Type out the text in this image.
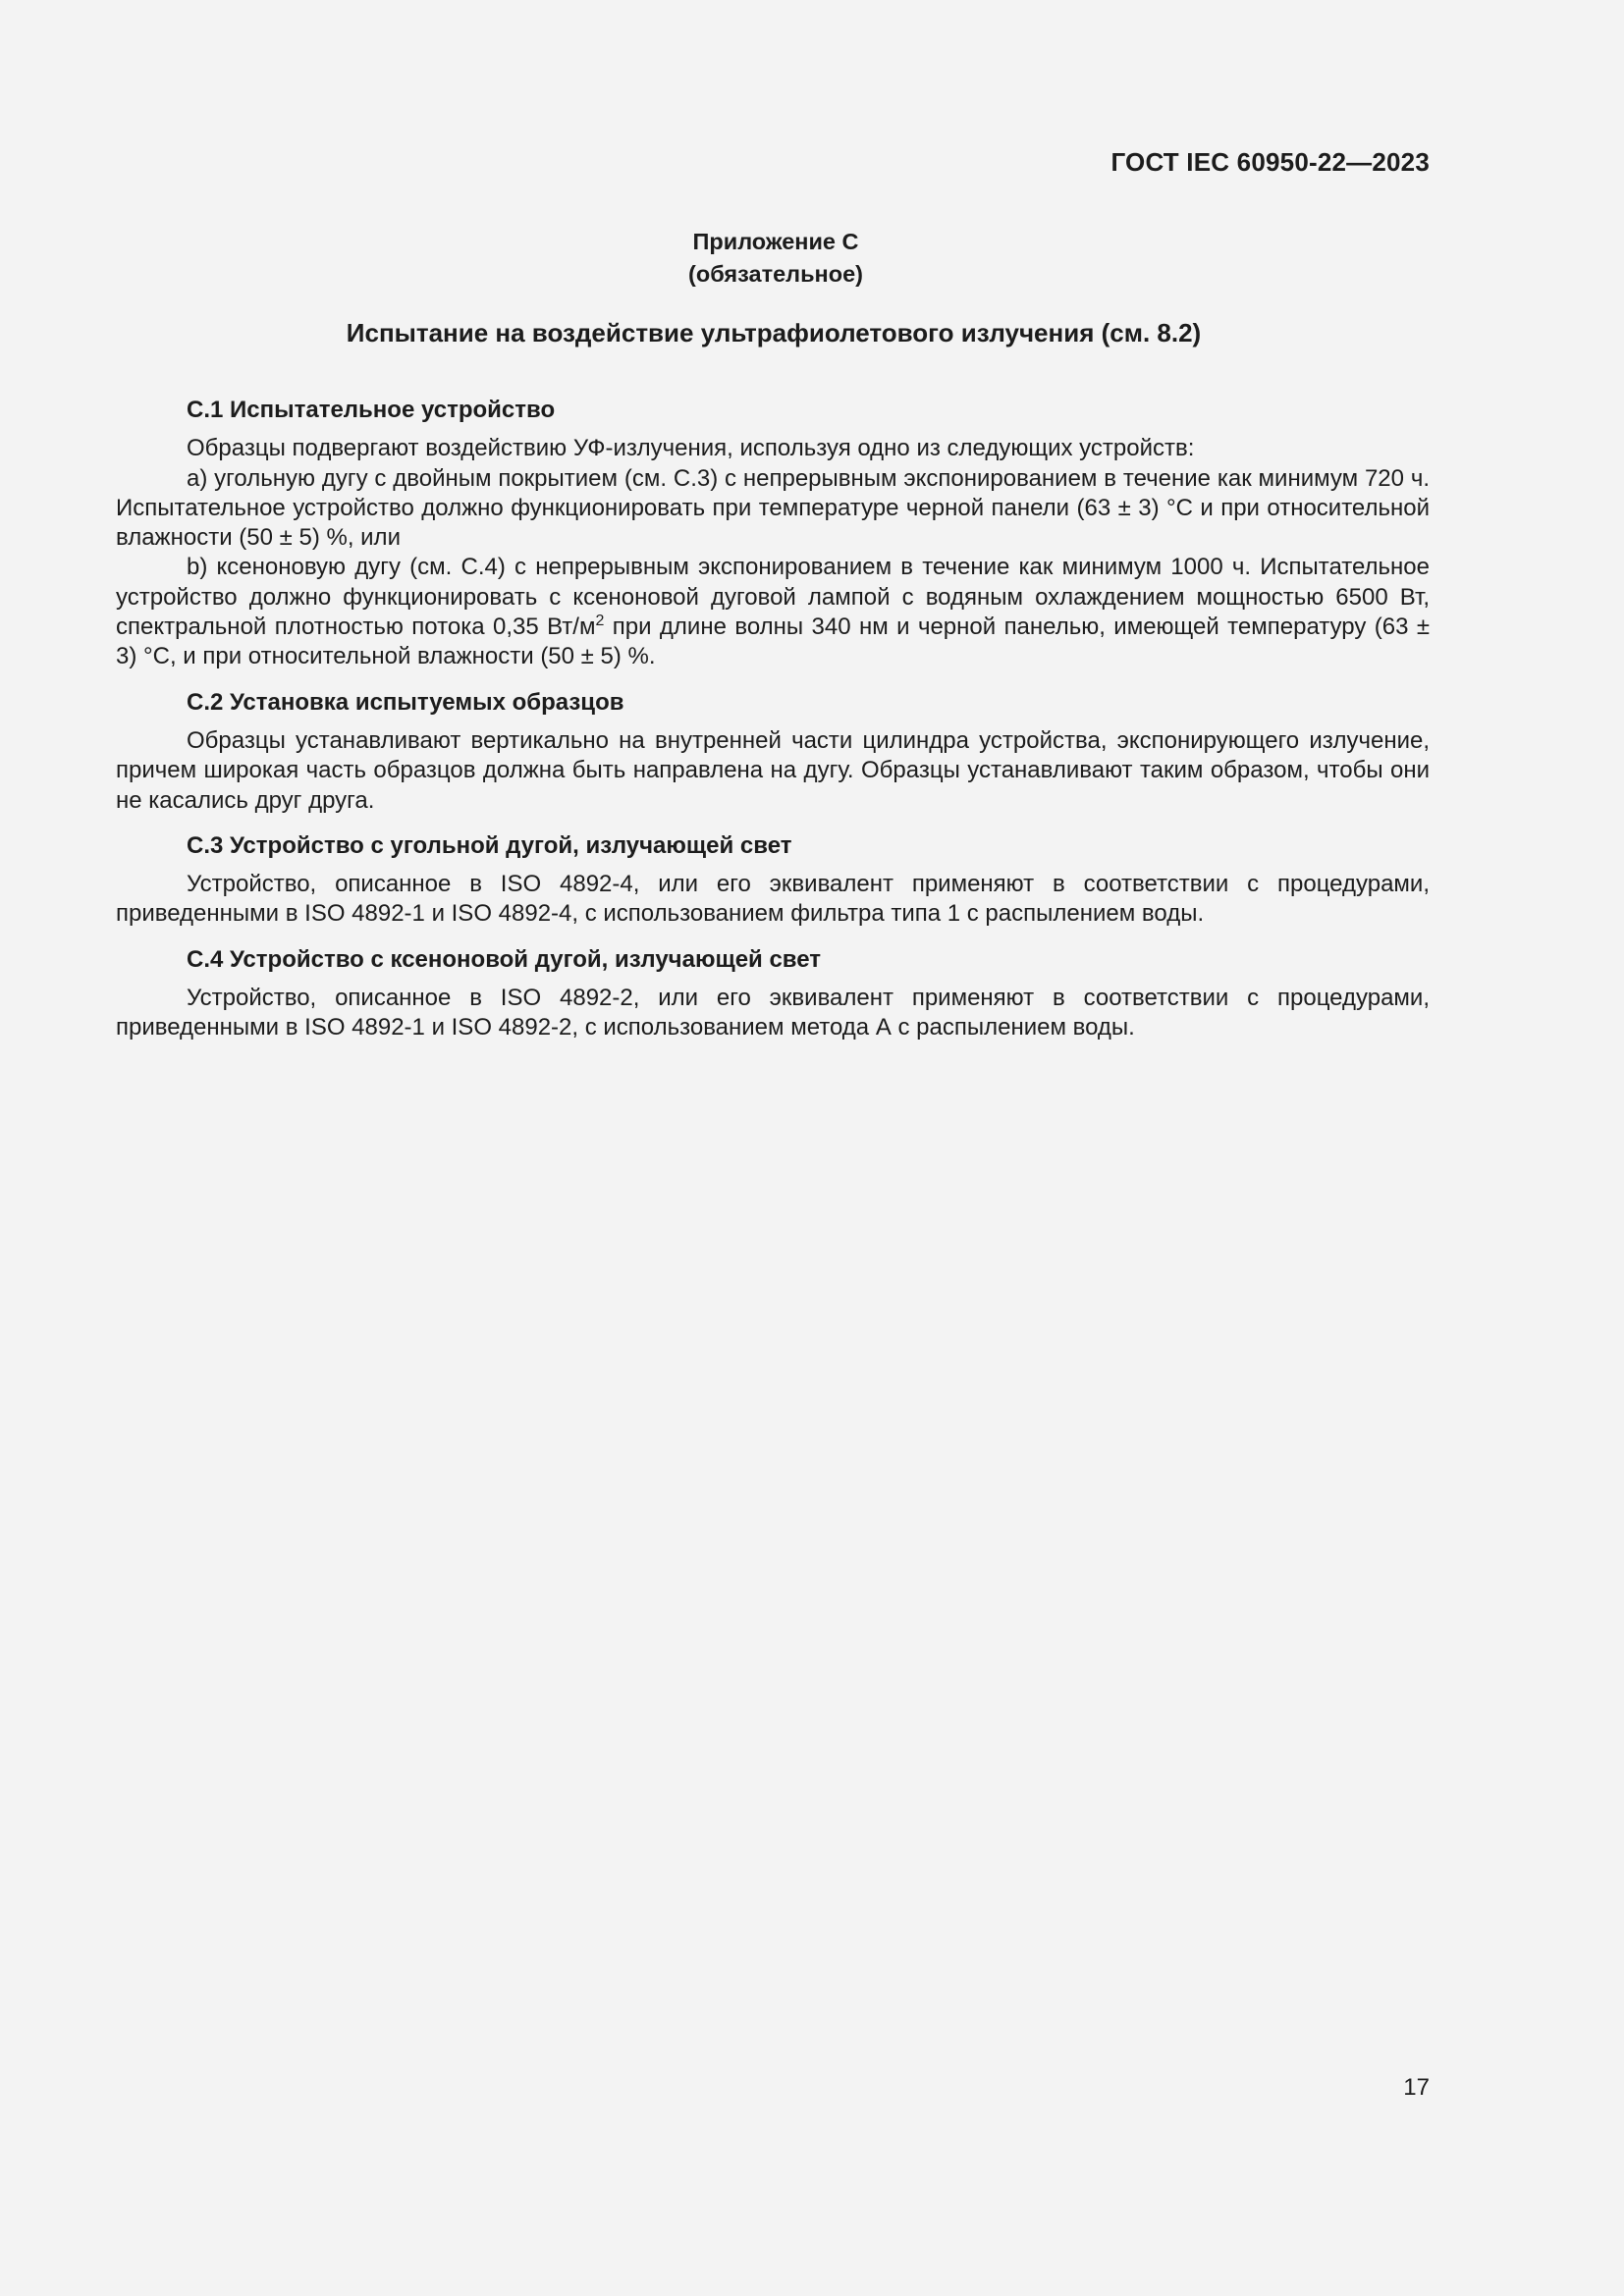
ГОСТ IEC 60950-22—2023
Приложение С
(обязательное)
Испытание на воздействие ультрафиолетового излучения (см. 8.2)
С.1 Испытательное устройство

Образцы подвергают воздействию УФ-излучения, используя одно из следующих устройств:

а) угольную дугу с двойным покрытием (см. С.3) с непрерывным экспонированием в течение как минимум 720 ч. Испытательное устройство должно функционировать при температуре черной панели (63 ± 3) °С и при относительной влажности (50 ± 5) %, или

b) ксеноновую дугу (см. С.4) с непрерывным экспонированием в течение как минимум 1000 ч. Испытательное устройство должно функционировать с ксеноновой дуговой лампой с водяным охлаждением мощностью 6500 Вт, спектральной плотностью потока 0,35 $Вт/м^2$ при длине волны 340 нм и черной панелью, имеющей температуру (63 ± 3) °С, и при относительной влажности (50 ± 5) %.

С.2 Установка испытуемых образцов

Образцы устанавливают вертикально на внутренней части цилиндра устройства, экспонирующего излучение, причем широкая часть образцов должна быть направлена на дугу. Образцы устанавливают таким образом, чтобы они не касались друг друга.

С.3 Устройство с угольной дугой, излучающей свет

Устройство, описанное в ISO 4892-4, или его эквивалент применяют в соответствии с процедурами, приведенными в ISO 4892-1 и ISO 4892-4, с использованием фильтра типа 1 с распылением воды.

С.4 Устройство с ксеноновой дугой, излучающей свет

Устройство, описанное в ISO 4892-2, или его эквивалент применяют в соответствии с процедурами, приведенными в ISO 4892-1 и ISO 4892-2, с использованием метода А с распылением воды.

17
